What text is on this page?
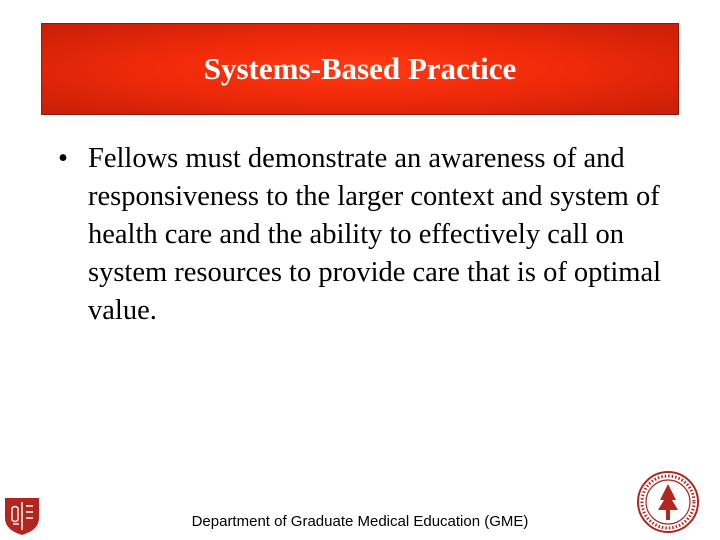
Systems-Based Practice
• Fellows must demonstrate an awareness of and responsiveness to the larger context and system of health care and the ability to effectively call on system resources to provide care that is of optimal value.
Department of Graduate Medical Education (GME)
